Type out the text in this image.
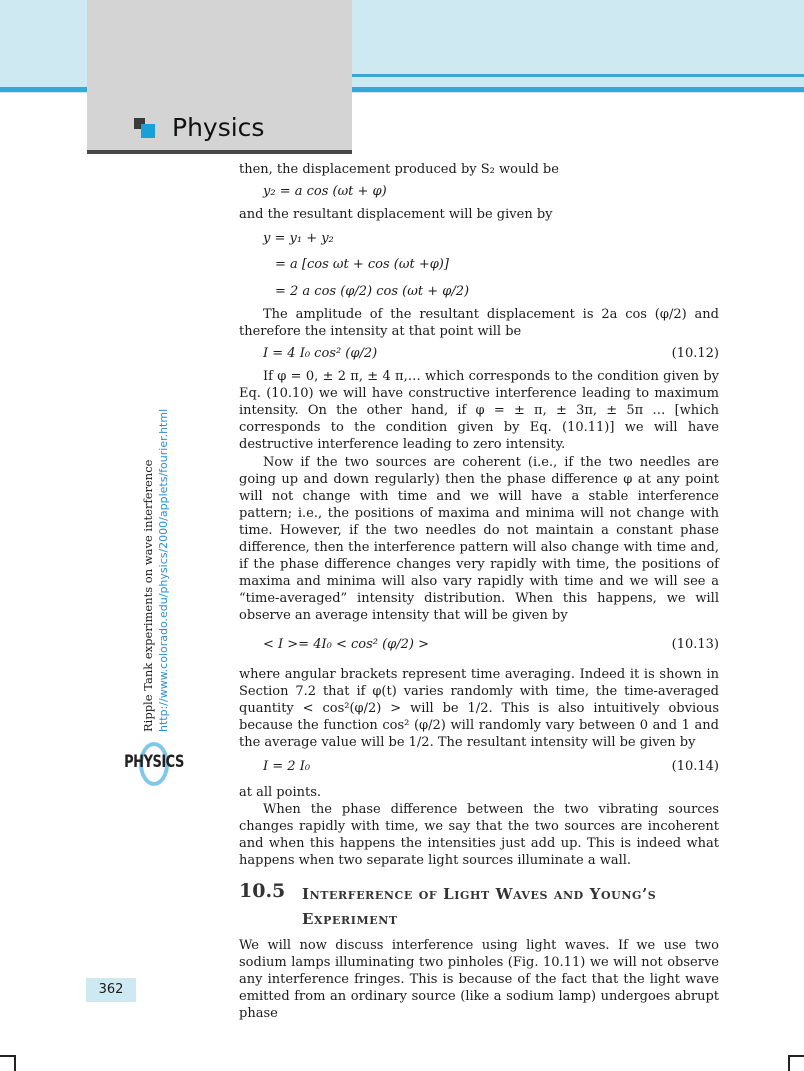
Physics
Ripple Tank experiments on wave interference http://www.colorado.edu/physics/2000/applets/fourier.html
PHYSICS
then, the displacement produced by S₂ would be
y₂ = a cos (ωt + φ)
and the resultant displacement will be given by
y = y₁ + y₂
= a [cos ωt + cos (ωt +φ)]
= 2 a cos (φ/2) cos (ωt + φ/2)
The amplitude of the resultant displacement is 2a cos (φ/2) and therefore the intensity at that point will be
I = 4 I₀ cos² (φ/2)	(10.12)
If φ = 0, ± 2 π, ± 4 π,… which corresponds to the condition given by Eq. (10.10) we will have constructive interference leading to maximum intensity. On the other hand, if φ = ± π, ± 3π, ± 5π … [which corresponds to the condition given by Eq. (10.11)] we will have destructive interference leading to zero intensity.
Now if the two sources are coherent (i.e., if the two needles are going up and down regularly) then the phase difference φ at any point will not change with time and we will have a stable interference pattern; i.e., the positions of maxima and minima will not change with time. However, if the two needles do not maintain a constant phase difference, then the interference pattern will also change with time and, if the phase difference changes very rapidly with time, the positions of maxima and minima will also vary rapidly with time and we will see a “time-averaged” intensity distribution. When this happens, we will observe an average intensity that will be given by
< I >= 4I₀ < cos² (φ/2) >	(10.13)
where angular brackets represent time averaging. Indeed it is shown in Section 7.2 that if φ(t) varies randomly with time, the time-averaged quantity < cos²(φ/2) > will be 1/2. This is also intuitively obvious because the function cos² (φ/2) will randomly vary between 0 and 1 and the average value will be 1/2. The resultant intensity will be given by
I = 2 I₀	(10.14)
at all points.
When the phase difference between the two vibrating sources changes rapidly with time, we say that the two sources are incoherent and when this happens the intensities just add up. This is indeed what happens when two separate light sources illuminate a wall.
10.5 Interference of Light Waves and Young’s Experiment
We will now discuss interference using light waves. If we use two sodium lamps illuminating two pinholes (Fig. 10.11) we will not observe any interference fringes. This is because of the fact that the light wave emitted from an ordinary source (like a sodium lamp) undergoes abrupt phase
362
